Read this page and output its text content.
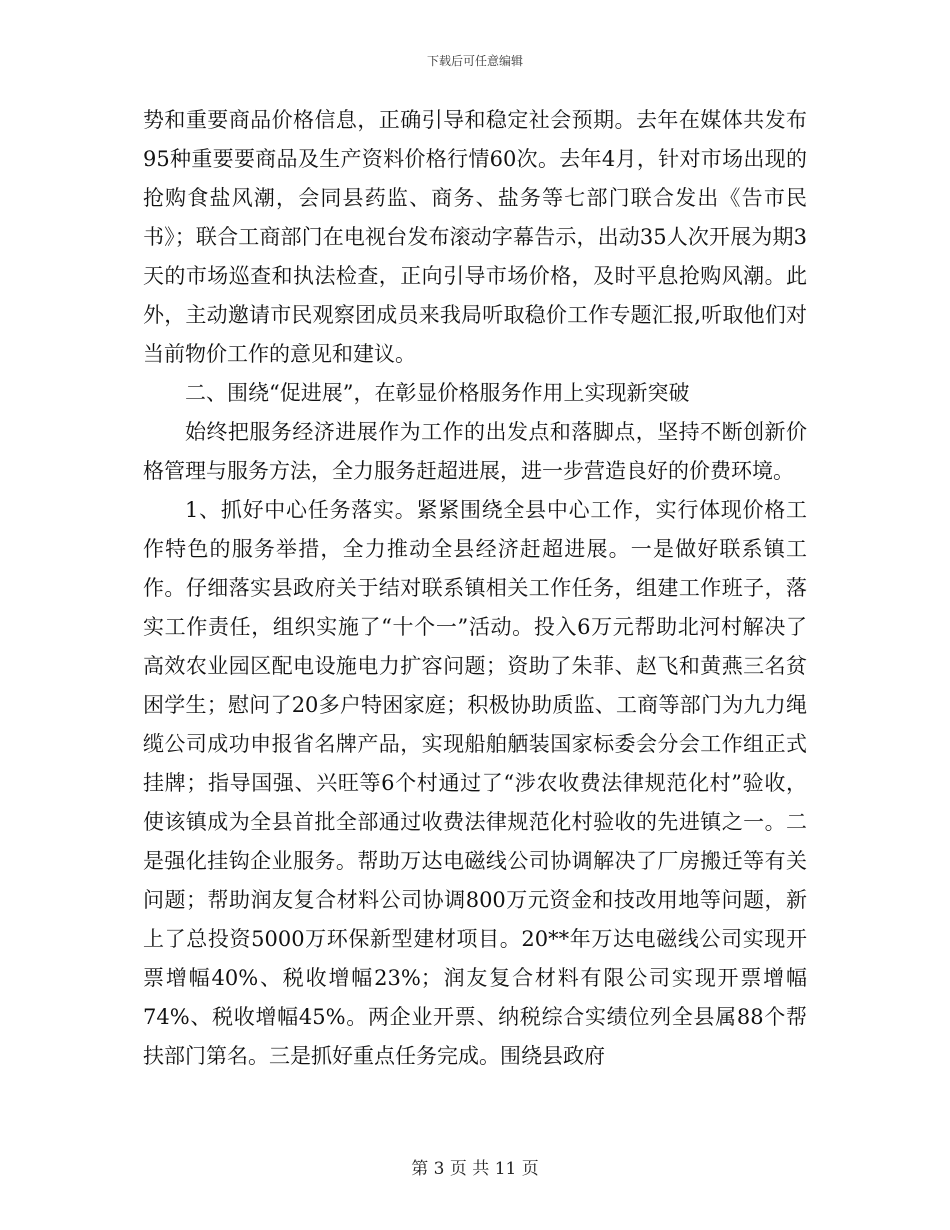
下载后可任意编辑

势和重要商品价格信息，正确引导和稳定社会预期。去年在媒体共发布95种重要要商品及生产资料价格行情60次。去年4月，针对市场出现的抢购食盐风潮，会同县药监、商务、盐务等七部门联合发出《告市民书》；联合工商部门在电视台发布滚动字幕告示，出动35人次开展为期3天的市场巡查和执法检查，正向引导市场价格，及时平息抢购风潮。此外，主动邀请市民观察团成员来我局听取稳价工作专题汇报,听取他们对当前物价工作的意见和建议。

二、围绕“促进展”，在彰显价格服务作用上实现新突破

始终把服务经济进展作为工作的出发点和落脚点，坚持不断创新价格管理与服务方法，全力服务赶超进展，进一步营造良好的价费环境。

1、抓好中心任务落实。紧紧围绕全县中心工作，实行体现价格工作特色的服务举措，全力推动全县经济赶超进展。一是做好联系镇工作。仔细落实县政府关于结对联系镇相关工作任务，组建工作班子，落实工作责任，组织实施了“十个一”活动。投入6万元帮助北河村解决了高效农业园区配电设施电力扩容问题；资助了朱菲、赵飞和黄燕三名贫困学生；慰问了20多户特困家庭；积极协助质监、工商等部门为九力绳缆公司成功申报省名牌产品，实现船舶舾装国家标委会分会工作组正式挂牌；指导国强、兴旺等6个村通过了“涉农收费法律规范化村”验收，使该镇成为全县首批全部通过收费法律规范化村验收的先进镇之一。二是强化挂钩企业服务。帮助万达电磁线公司协调解决了厂房搬迁等有关问题；帮助润友复合材料公司协调800万元资金和技改用地等问题，新上了总投资5000万环保新型建材项目。20**年万达电磁线公司实现开票增幅40%、税收增幅23%；润友复合材料有限公司实现开票增幅74%、税收增幅45%。两企业开票、纳税综合实绩位列全县属88个帮扶部门第名。三是抓好重点任务完成。围绕县政府

第 3 页 共 11 页
